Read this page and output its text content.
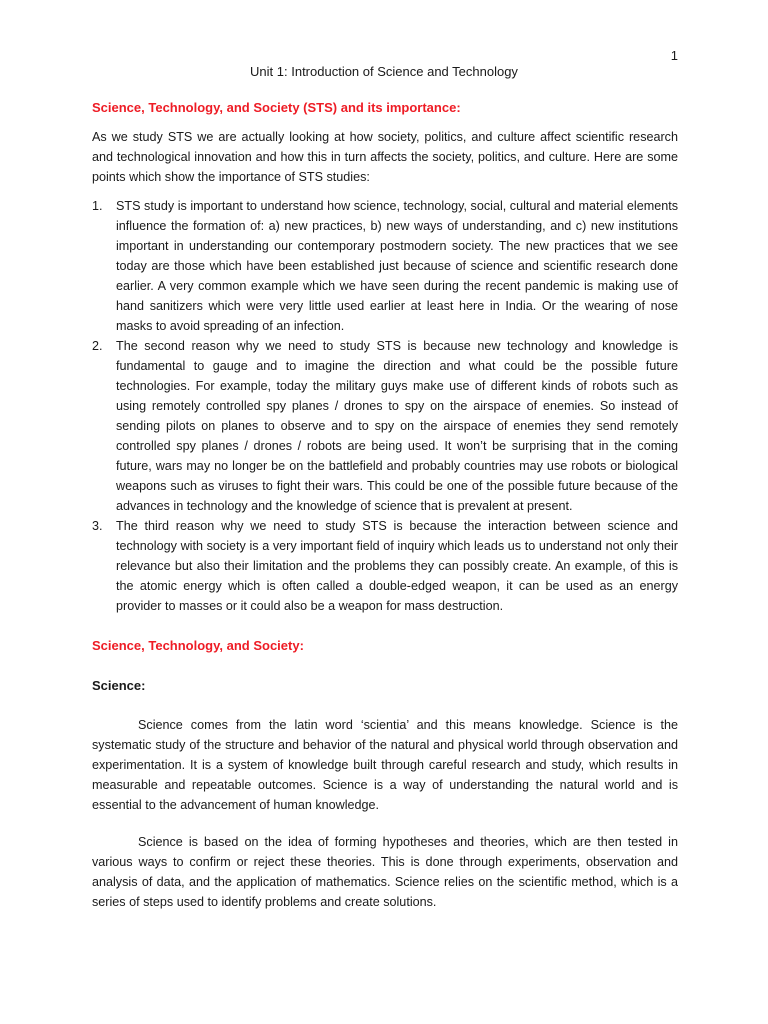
1
Unit 1: Introduction of Science and Technology
Science, Technology, and Society (STS) and its importance:

As we study STS we are actually looking at how society, politics, and culture affect scientific research and technological innovation and how this in turn affects the society, politics, and culture. Here are some points which show the importance of STS studies:

1. STS study is important to understand how science, technology, social, cultural and material elements influence the formation of: a) new practices, b) new ways of understanding, and c) new institutions important in understanding our contemporary postmodern society. The new practices that we see today are those which have been established just because of science and scientific research done earlier. A very common example which we have seen during the recent pandemic is making use of hand sanitizers which were very little used earlier at least here in India. Or the wearing of nose masks to avoid spreading of an infection.
2. The second reason why we need to study STS is because new technology and knowledge is fundamental to gauge and to imagine the direction and what could be the possible future technologies. For example, today the military guys make use of different kinds of robots such as using remotely controlled spy planes / drones to spy on the airspace of enemies. So instead of sending pilots on planes to observe and to spy on the airspace of enemies they send remotely controlled spy planes / drones / robots are being used. It won’t be surprising that in the coming future, wars may no longer be on the battlefield and probably countries may use robots or biological weapons such as viruses to fight their wars. This could be one of the possible future because of the advances in technology and the knowledge of science that is prevalent at present.
3. The third reason why we need to study STS is because the interaction between science and technology with society is a very important field of inquiry which leads us to understand not only their relevance but also their limitation and the problems they can possibly create. An example, of this is the atomic energy which is often called a double-edged weapon, it can be used as an energy provider to masses or it could also be a weapon for mass destruction.
Science, Technology, and Society:
Science:

Science comes from the latin word ‘scientia’ and this means knowledge. Science is the systematic study of the structure and behavior of the natural and physical world through observation and experimentation. It is a system of knowledge built through careful research and study, which results in measurable and repeatable outcomes. Science is a way of understanding the natural world and is essential to the advancement of human knowledge.

Science is based on the idea of forming hypotheses and theories, which are then tested in various ways to confirm or reject these theories. This is done through experiments, observation and analysis of data, and the application of mathematics. Science relies on the scientific method, which is a series of steps used to identify problems and create solutions.
